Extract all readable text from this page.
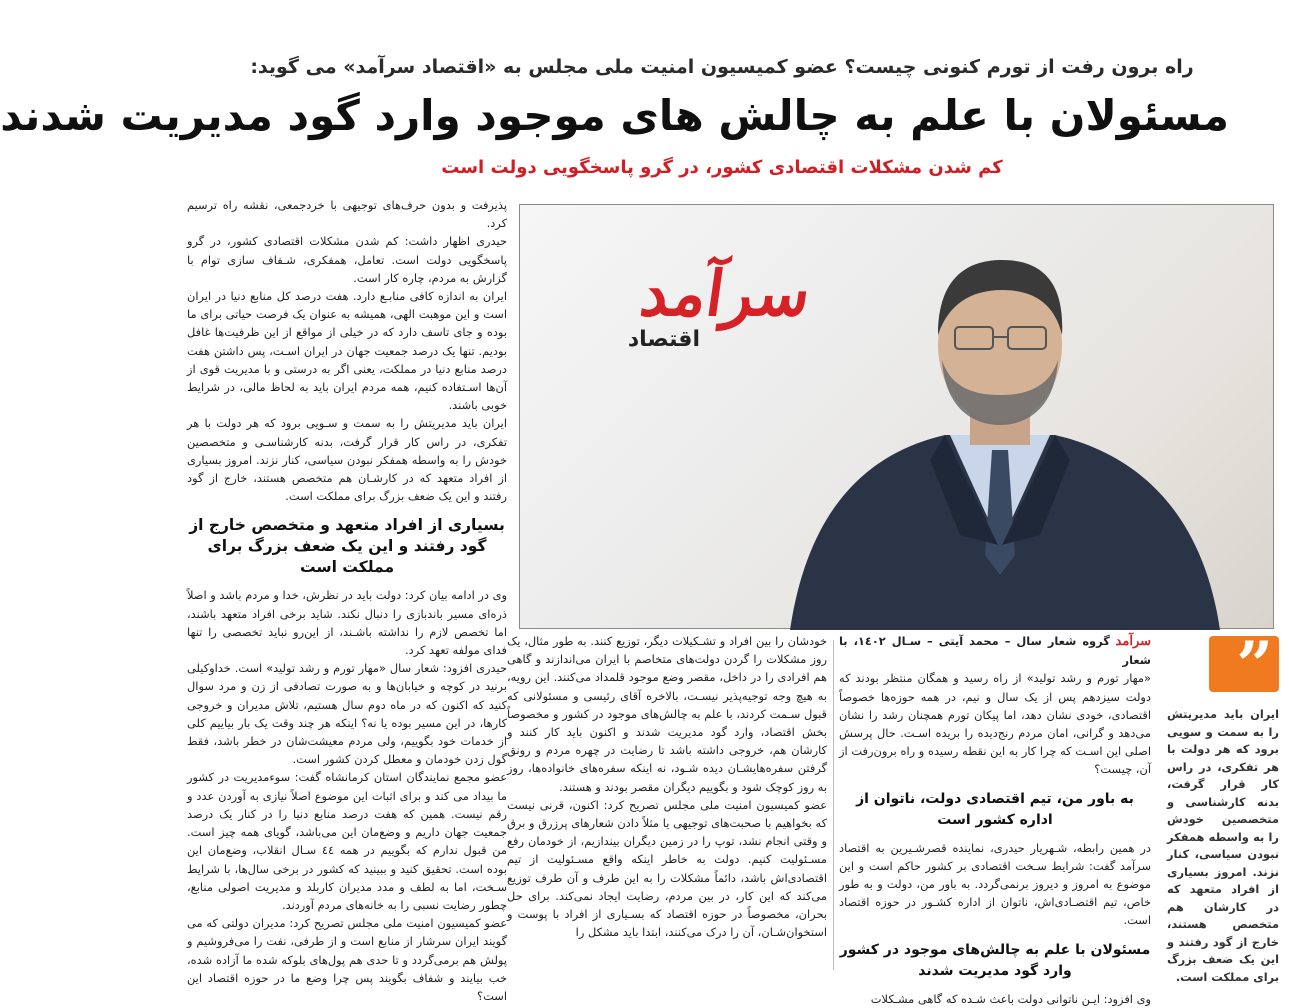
راه برون رفت از تورم کنونی چیست؟ عضو کمیسیون امنیت ملی مجلس به «اقتصاد سرآمد» می گوید:
مسئولان با علم به چالش های موجود وارد گود مدیریت شدند
کم شدن مشکلات اقتصادی کشور، در گرو پاسخگویی دولت است

پذیرفت و بدون حرف‌های توجیهی با خردجمعی، نقشه راه ترسیم کرد.

حیدری اظهار داشت: کم شدن مشکلات اقتصادی کشور، در گرو پاسخگویی دولت است. تعامل، همفکری، شـفاف سازی توام با گزارش به مردم، چاره کار است.

ایران به اندازه کافی منابـع دارد. هفت درصد کل منابع دنیا در ایران است و این موهبت الهی، همیشه به عنوان یک فرصت حیاتی برای ما بوده و جای تاسف دارد که در خیلی از مواقع از این ظرفیت‌ها غافل بودیم. تنها یک درصد جمعیت جهان در ایران اسـت، پس داشتن هفت درصد منابع دنیا در مملکت، یعنی اگر به درستی و با مدیریت قوی از آن‌ها اسـتفاده کنیم، همه مردم ایران باید به لحاظ مالی، در شرایط خوبی باشند.

ایران باید مدیریتش را به سمت و سـویی برود که هر دولت با هر تفکری، در راس کار قرار گرفت، بدنه کارشناسـی و متخصصین خودش را به واسطه همفکر نبودن سیاسی، کنار نزند. امروز بسیاری از افراد متعهد که در کارشـان هم متخصص هستند، خارج از گود رفتند و این یک ضعف بزرگ برای مملکت است.

بسیاری از افراد متعهد و متخصص خارج از گود رفتند و این یک ضعف بزرگ برای مملکت است

وی در ادامه بیان کرد: دولت باید در نظرش، خدا و مردم باشد و اصلاً ذره‌ای مسیر باندبازی را دنبال نکند. شاید برخی افراد متعهد باشند، اما تخصص لازم را نداشته باشـند، از این‌رو نباید تخصصی را تنها فدای مولفه تعهد کرد.

حیدری افزود: شعار سال «مهار تورم و رشد تولید» است. خداوکیلی برنید در کوچه و خیابان‌ها و به صورت تصادفی از زن و مرد سوال کنید که اکنون که در ماه دوم سال هستیم، تلاش مدیران و خروجی کارها، در این مسیر بوده یا نه؟ اینکه هر چند وقت یک بار بیاییم کلی از خدمات خود بگوییم، ولی مردم معیشت‌شان در خطر باشد، فقط گول زدن خودمان و معطل کردن کشور است.

عضو مجمع نمایندگان استان کرمانشاه گفت: سوءمدیریت در کشور ما بیداد می کند و برای اثبات این موضوع اصلاً نیازی به آوردن عدد و رقم نیست. همین که هفت درصد منابع دنیا را در کنار یک درصد جمعیت جهان داریم و وضع‌مان این می‌باشد، گویای همه چیز است. من قبول ندارم که بگوییم در همه ٤٤ سـال انقلاب، وضع‌مان این بوده است. تحقیق کنید و ببینید که کشور در برخی سال‌ها، با شرایط سـخت، اما به لطف و مدد مدیران کاربلد و مدیریت اصولی منابع، چطور رضایت نسبی را به خانه‌های مردم آوردند.

عضو کمیسیون امنیت ملی مجلس تصریح کرد: مدیران دولتی که می گویند ایران سرشار از منابع است و از طرفی، نفت را می‌فروشیم و پولش هم برمی‌گردد و تا حدی هم پول‌های بلوکه شده ما آزاده شده، خب بیایند و شفاف بگویند پس چرا وضع ما در حوزه اقتصاد این است؟

سرآمد
اقتصاد

خودشان را بین افراد و تشـکیلات دیگر، توزیع کنند. به طور مثال، یک روز مشکلات را گردن دولت‌های متخاصم با ایران می‌اندازند و گاهی هم افرادی را در داخل، مقصر وضع موجود قلمداد می‌کنند. این رویه، به هیچ وجه توجیه‌پذیر نیسـت، بالاخره آقای رئیسی و مسئولانی که قبول سـمت کردند، با علم به چالش‌های موجود در کشور و مخصوصاً بخش اقتصاد، وارد گود مدیریت شدند و اکنون باید کار کنند و کارشان هم، خروجی داشته باشد تا رضایت در چهره مردم و رونق گرفتن سفره‌هایشـان دیده شـود، نه اینکه سفره‌های خانواده‌ها، روز به روز کوچک شود و بگوییم دیگران مقصر بودند و هستند.

عضو کمیسیون امنیت ملی مجلس تصریح کرد: اکنون، قرنی نیست که بخواهیم با صحبت‌های توجیهی یا مثلاً دادن شعارهای پرزرق و برق و وقتی انجام نشد، توپ را در زمین دیگران بیندازیم، از خودمان رفع مسـئولیت کنیم. دولت به خاطر اینکه واقع مسـئولیت از تیم اقتصادی‌اش باشد، دائماً مشکلات را به این طرف و آن طرف توزیع می‌کند که این کار، در بین مردم، رضایت ایجاد نمی‌کند. برای حل بحران، مخصوصاً در حوزه اقتصاد که بسـیاری از افراد با پوست و استخوان‌شـان، آن را درک می‌کنند، ابتدا باید مشکل را

سرآمد گروه شعار سال – محمد آیتی – سـال ١٤٠٢، با شعار

«مهار تورم و رشد تولید» از راه رسید و همگان منتظر بودند که دولت سیزدهم پس از یک سال و نیم، در همه حوزه‌ها خصوصاً اقتصادی، خودی نشان دهد، اما پیکان تورم همچنان رشد را نشان می‌دهد و گرانی، امان مردم رنج‌دیده را بریده اسـت. حال پرسش اصلی این اسـت که چرا کار به این نقطه رسیده و راه برون‌رفت از آن، چیست؟

به باور من، تیم اقتصادی دولت، ناتوان از اداره کشور است

در همین رابطه، شـهریار حیدری، نماینده قصرشـیرین به اقتصاد سرآمد گفت: شرایط سـخت اقتصادی بر کشور حاکم است و این موضوع به امروز و دیروز برنمی‌گردد. به باور من، دولت و به طور خاص، تیم اقتصـادی‌اش، ناتوان از اداره کشـور در حوزه اقتصاد است.

مسئولان با علم به چالش‌های موجود در کشور وارد گود مدیریت شدند

وی افزود: ایـن ناتوانی دولت باعث شـده که گاهی مشـکلات

”
ایران باید مدیریتش را به سمت و سویی برود که هر دولت با هر تفکری، در راس کار قرار گرفت، بدنه کارشناسی و متخصصین خودش را به واسطه همفکر نبودن سیاسی، کنار نزند. امروز بسیاری از افراد متعهد که در کارشان هم متخصص هستند، خارج از گود رفتند و این یک ضعف بزرگ برای مملکت است.
